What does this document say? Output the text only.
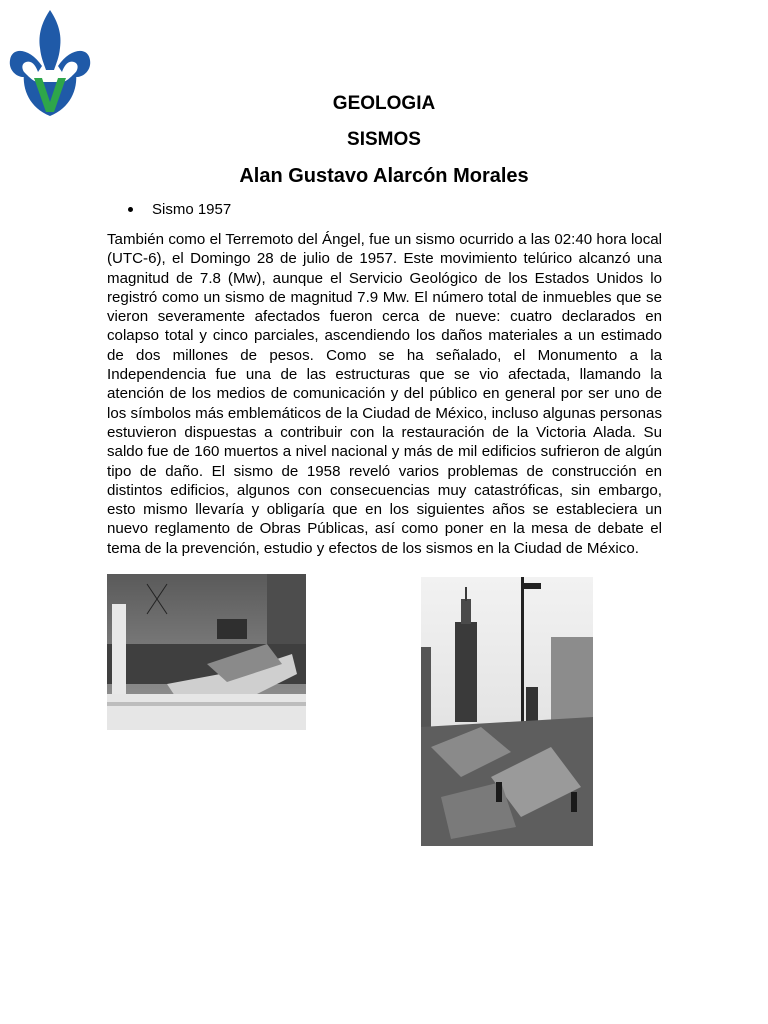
GEOLOGIA
SISMOS
Alan Gustavo Alarcón Morales
Sismo 1957

También como el Terremoto del Ángel, fue un sismo ocurrido a las 02:40 hora local (UTC-6), el Domingo 28 de julio de 1957. Este movimiento telúrico alcanzó una magnitud de 7.8 (Mw), aunque el Servicio Geológico de los Estados Unidos lo registró como un sismo de magnitud 7.9 Mw. El número total de inmuebles que se vieron severamente afectados fueron cerca de nueve: cuatro declarados en colapso total y cinco parciales, ascendiendo los daños materiales a un estimado de dos millones de pesos. Como se ha señalado, el Monumento a la Independencia fue una de las estructuras que se vio afectada, llamando la atención de los medios de comunicación y del público en general por ser uno de los símbolos más emblemáticos de la Ciudad de México, incluso algunas personas estuvieron dispuestas a contribuir con la restauración de la Victoria Alada. Su saldo fue de 160 muertos a nivel nacional y más de mil edificios sufrieron de algún tipo de daño. El sismo de 1958 reveló varios problemas de construcción en distintos edificios, algunos con consecuencias muy catastróficas, sin embargo, esto mismo llevaría y obligaría que en los siguientes años se estableciera un nuevo reglamento de Obras Públicas, así como poner en la mesa de debate el tema de la prevención, estudio y efectos de los sismos en la Ciudad de México.
